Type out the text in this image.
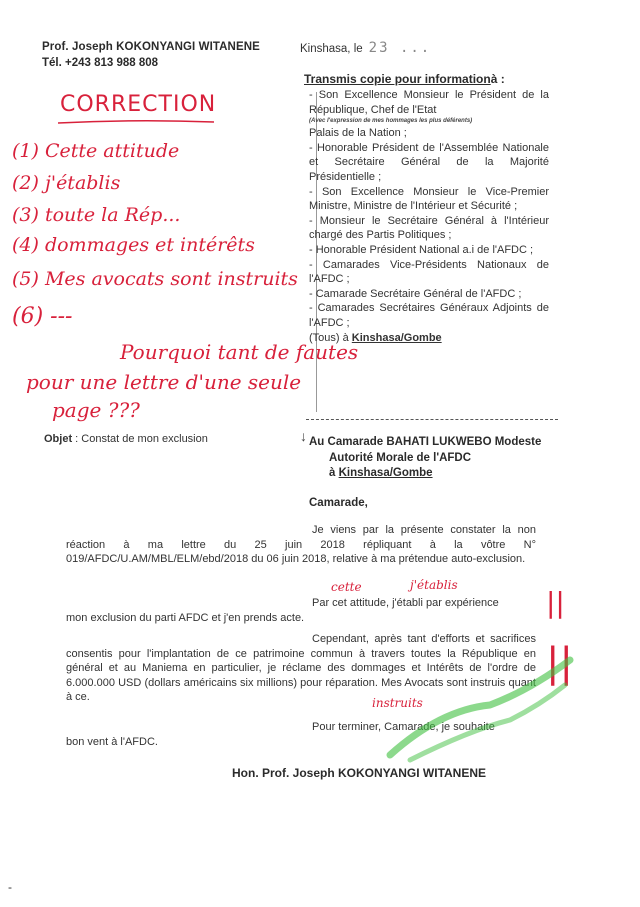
Prof. Joseph KOKONYANGI WITANENE
Tél. +243 813 988 808
Kinshasa, le 23 ...
Transmis copie pour informationà :

- Son Excellence Monsieur le Président de la République, Chef de l'Etat

(Avec l'expression de mes hommages les plus déférents)

Palais de la Nation ;

- Honorable Président de l'Assemblée Nationale et Secrétaire Général de la Majorité Présidentielle ;

- Son Excellence Monsieur le Vice-Premier Ministre, Ministre de l'Intérieur et Sécurité ;

- Monsieur le Secrétaire Général à l'Intérieur chargé des Partis Politiques ;

- Honorable Président National a.i de l'AFDC ;

- Camarades Vice-Présidents Nationaux de l'AFDC ;

- Camarade Secrétaire Général de l'AFDC ;

- Camarades Secrétaires Généraux Adjoints de l'AFDC ;

(Tous) à Kinshasa/Gombe

CORRECTION
(1) Cette attitude
(2) j'établis
(3) toute la Rép...
(4) dommages et intérêts
(5) Mes avocats sont instruits
(6) ---
Pourquoi tant de fautes
pour une lettre d'une seule
page ???
Objet : Constat de mon exclusion	↓ Au Camarade BAHATI LUKWEBO Modeste
Autorité Morale de l'AFDC
à Kinshasa/Gombe
Camarade,
Je viens par la présente constater la non réaction à ma lettre du 25 juin 2018 répliquant à la vôtre N° 019/AFDC/U.AM/MBL/ELM/ebd/2018 du 06 juin 2018, relative à ma prétendue auto-exclusion.
cette	j'établis
Par cet attitude, j'établi par expérience
mon exclusion du parti AFDC et j'en prends acte.	||
Cependant, après tant d'efforts et sacrifices consentis pour l'implantation de ce patrimoine commun à travers toutes la République en général et au Maniema en particulier, je réclame des dommages et Intérêts de l'ordre de 6.000.000 USD (dollars américains six millions) pour réparation. Mes Avocats sont instruis quant à ce.
||
instruits
Pour terminer, Camarade, je souhaite
bon vent à l'AFDC.
Hon. Prof. Joseph KOKONYANGI WITANENE
-
